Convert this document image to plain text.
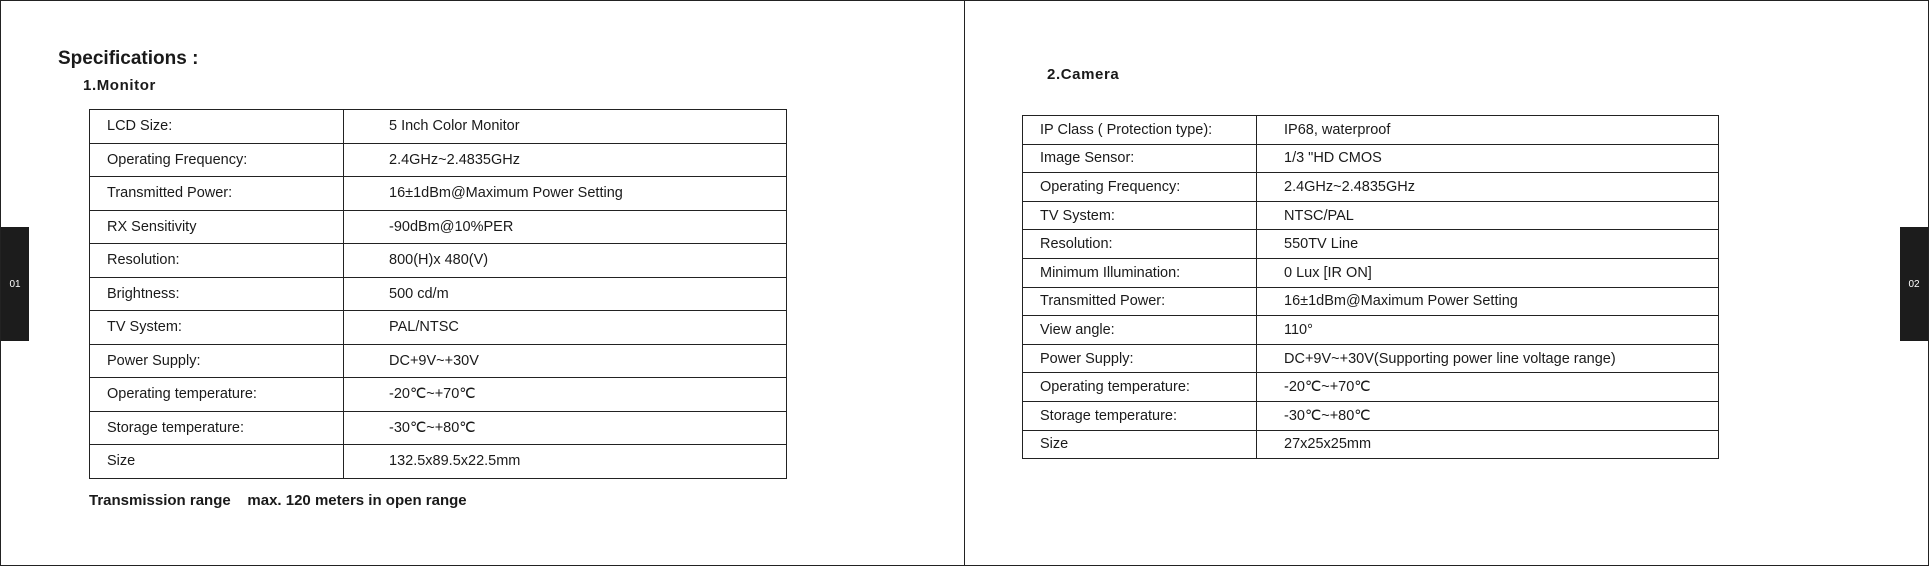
01
Specifications :
1.Monitor
LCD Size:	5 Inch Color Monitor
Operating Frequency:	2.4GHz~2.4835GHz
Transmitted Power:	16±1dBm@Maximum Power Setting
RX Sensitivity	-90dBm@10%PER
Resolution:	800(H)x 480(V)
Brightness:	500 cd/m
TV System:	PAL/NTSC
Power Supply:	DC+9V~+30V
Operating temperature:	-20℃~+70℃
Storage temperature:	-30℃~+80℃
Size	132.5x89.5x22.5mm
Transmission range    max. 120 meters in open range
02
2.Camera
IP Class ( Protection type):	IP68, waterproof
Image Sensor:	1/3 "HD CMOS
Operating Frequency:	2.4GHz~2.4835GHz
TV System:	NTSC/PAL
Resolution:	550TV Line
Minimum Illumination:	0 Lux [IR ON]
Transmitted Power:	16±1dBm@Maximum Power Setting
View angle:	110°
Power Supply:	DC+9V~+30V(Supporting power line voltage range)
Operating temperature:	-20℃~+70℃
Storage temperature:	-30℃~+80℃
Size	27x25x25mm
